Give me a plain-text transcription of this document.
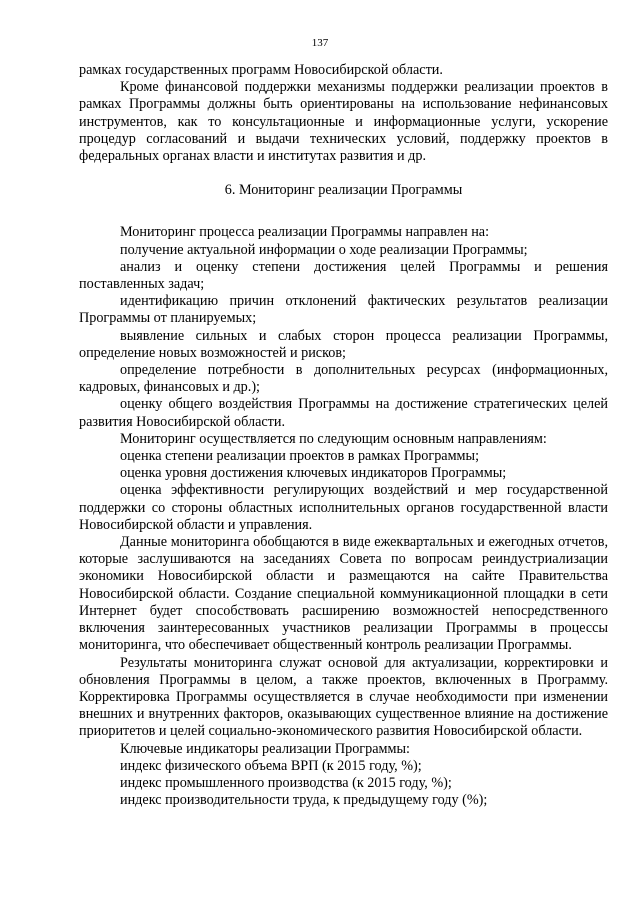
137

рамках государственных программ Новосибирской области.

Кроме финансовой поддержки механизмы поддержки реализации проектов в рамках Программы должны быть ориентированы на использование нефинансовых инструментов, как то консультационные и информационные услуги, ускорение процедур согласований и выдачи технических условий, поддержку проектов в федеральных органах власти и институтах развития и др.

6. Мониторинг реализации Программы

Мониторинг процесса реализации Программы направлен на:

получение актуальной информации о ходе реализации Программы;

анализ и оценку степени достижения целей Программы и решения поставленных задач;

идентификацию причин отклонений фактических результатов реализации Программы от планируемых;

выявление сильных и слабых сторон процесса реализации Программы, определение новых возможностей и рисков;

определение потребности в дополнительных ресурсах (информационных, кадровых, финансовых и др.);

оценку общего воздействия Программы на достижение стратегических целей развития Новосибирской области.

Мониторинг осуществляется по следующим основным направлениям:

оценка степени реализации проектов в рамках Программы;

оценка уровня достижения ключевых индикаторов Программы;

оценка эффективности регулирующих воздействий и мер государственной поддержки со стороны областных исполнительных органов государственной власти Новосибирской области и управления.

Данные мониторинга обобщаются в виде ежеквартальных и ежегодных отчетов, которые заслушиваются на заседаниях Совета по вопросам реиндустриализации экономики Новосибирской области и размещаются на сайте Правительства Новосибирской области. Создание специальной коммуникационной площадки в сети Интернет будет способствовать расширению возможностей непосредственного включения заинтересованных участников реализации Программы в процессы мониторинга, что обеспечивает общественный контроль реализации Программы.

Результаты мониторинга служат основой для актуализации, корректировки и обновления Программы в целом, а также проектов, включенных в Программу. Корректировка Программы осуществляется в случае необходимости при изменении внешних и внутренних факторов, оказывающих существенное влияние на достижение приоритетов и целей социально-экономического развития Новосибирской области.

Ключевые индикаторы реализации Программы:

индекс физического объема ВРП (к 2015 году, %);

индекс промышленного производства (к 2015 году, %);

индекс производительности труда, к предыдущему году (%);
